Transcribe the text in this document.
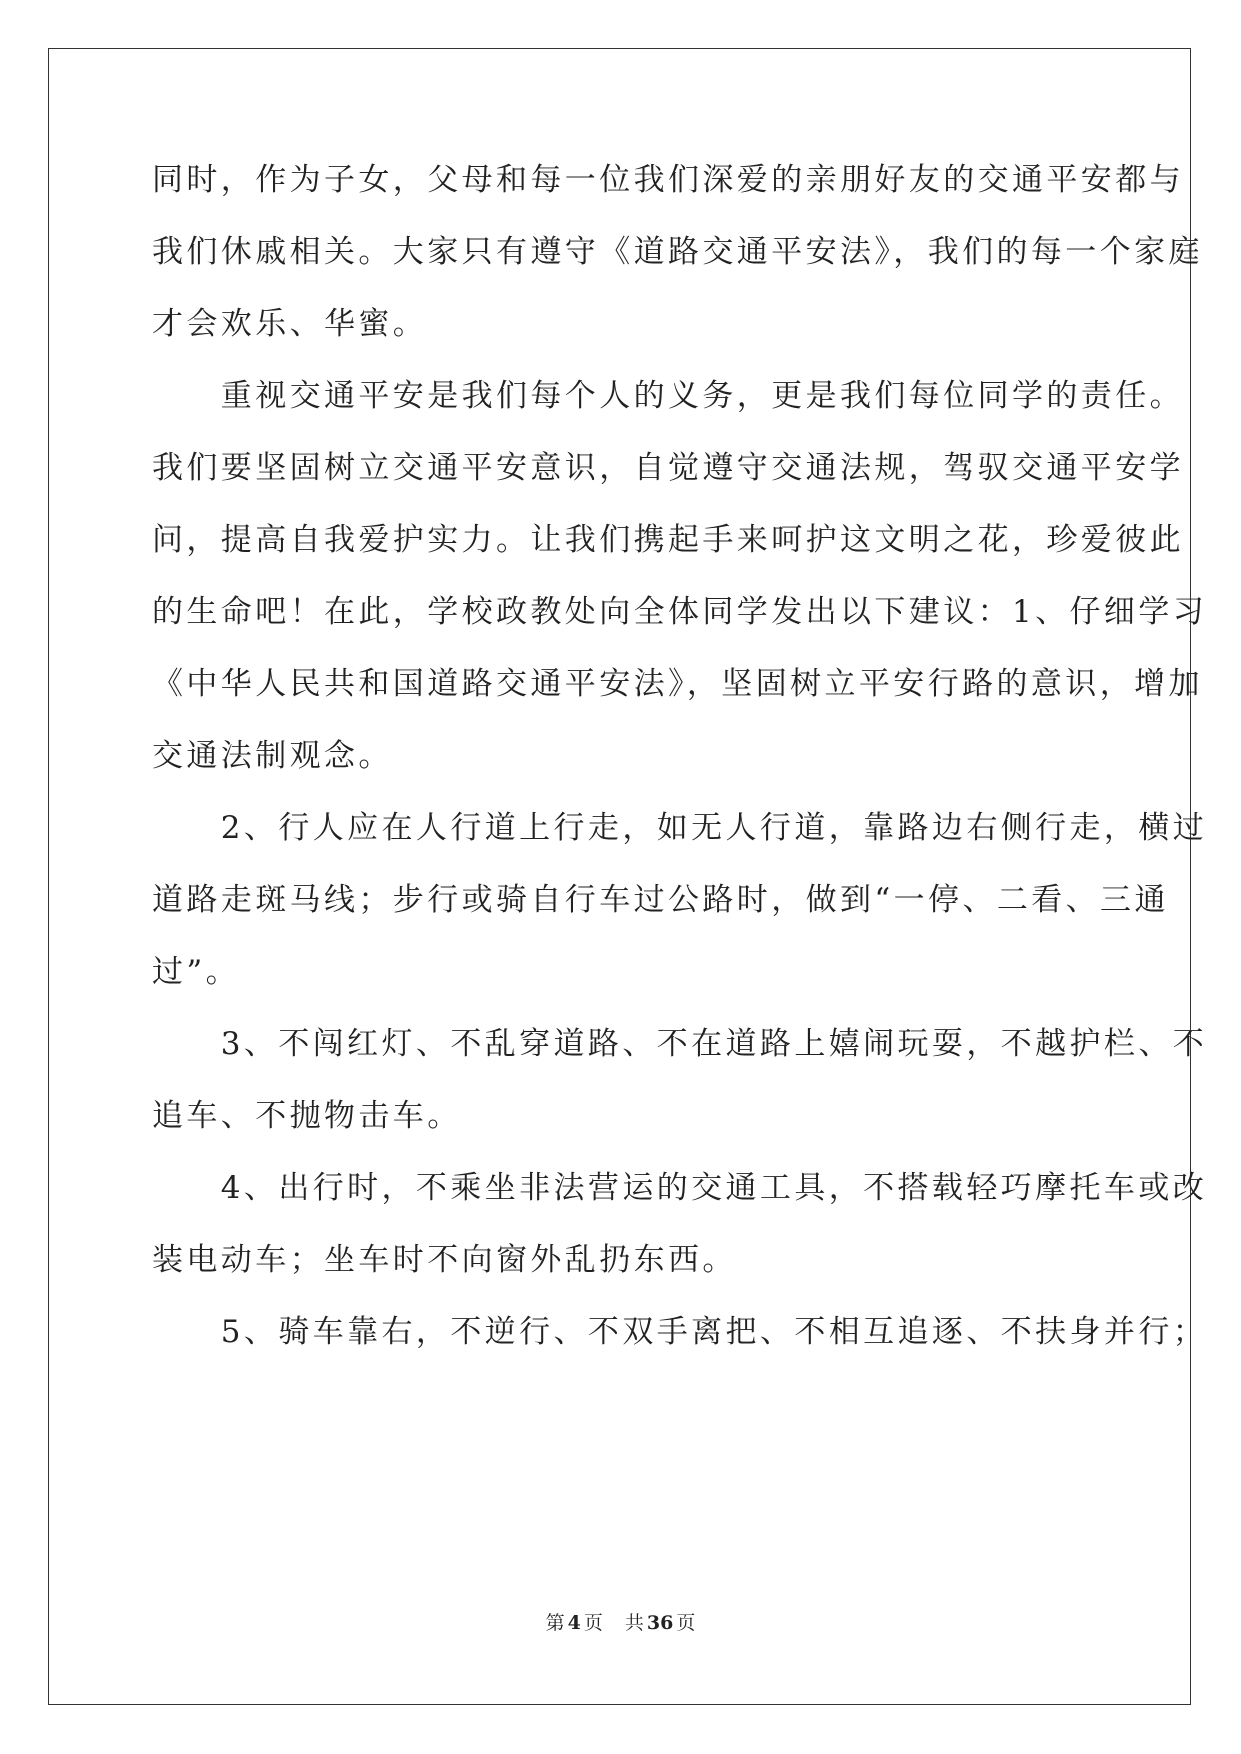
同时，作为子女，父母和每一位我们深爱的亲朋好友的交通平安都与
我们休戚相关。大家只有遵守《道路交通平安法》，我们的每一个家庭
才会欢乐、华蜜。
　　重视交通平安是我们每个人的义务，更是我们每位同学的责任。
我们要坚固树立交通平安意识，自觉遵守交通法规，驾驭交通平安学
问，提高自我爱护实力。让我们携起手来呵护这文明之花，珍爱彼此
的生命吧！在此，学校政教处向全体同学发出以下建议：1、仔细学习
《中华人民共和国道路交通平安法》，坚固树立平安行路的意识，增加
交通法制观念。
　　2、行人应在人行道上行走，如无人行道，靠路边右侧行走，横过
道路走斑马线；步行或骑自行车过公路时，做到“一停、二看、三通
过”。
　　3、不闯红灯、不乱穿道路、不在道路上嬉闹玩耍，不越护栏、不
追车、不抛物击车。
　　4、出行时，不乘坐非法营运的交通工具，不搭载轻巧摩托车或改
装电动车；坐车时不向窗外乱扔东西。
　　5、骑车靠右，不逆行、不双手离把、不相互追逐、不扶身并行；
第 4 页 共 36 页
